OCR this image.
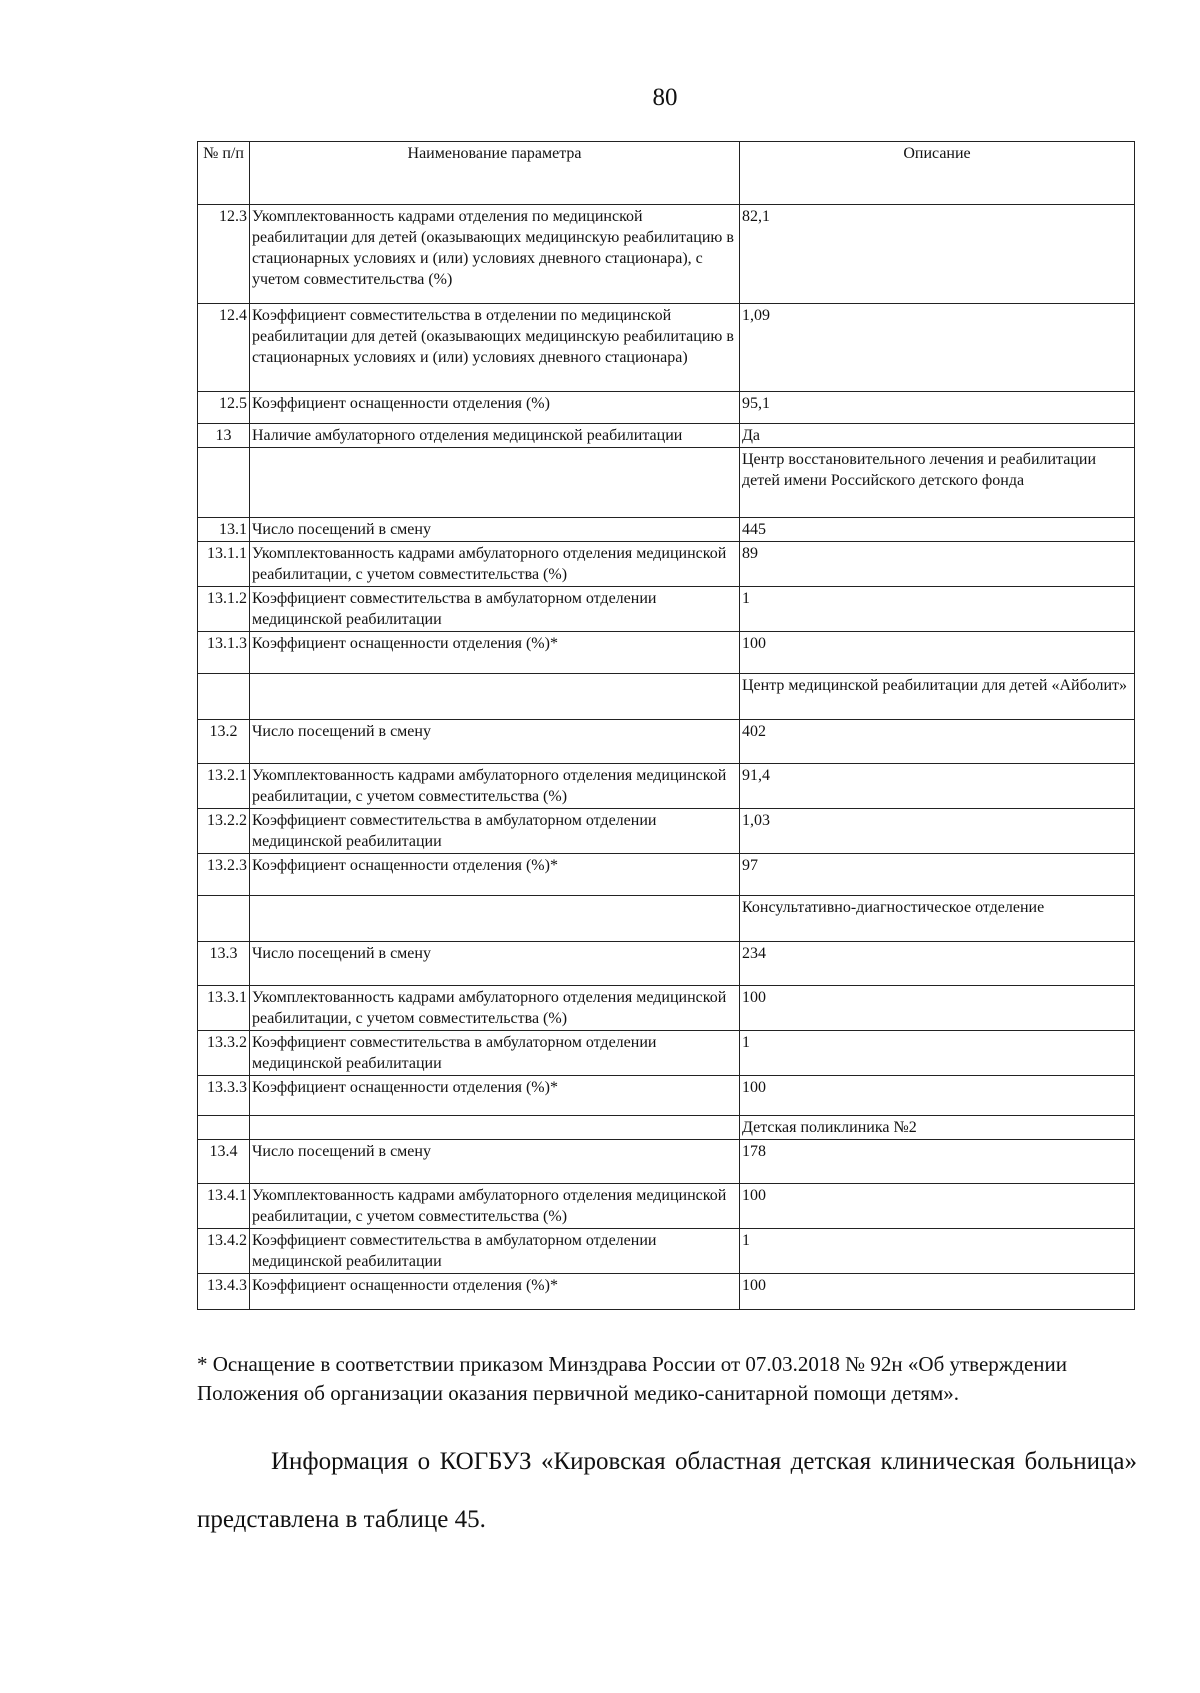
80
№ п/п	Наименование параметра	Описание
12.3	Укомплектованность кадрами отделения по медицинской реабилитации для детей (оказывающих медицинскую реабилитацию в стационарных условиях и (или) условиях дневного стационара), с учетом совместительства (%)	82,1
12.4	Коэффициент совместительства в отделении по медицинской реабилитации для детей (оказывающих медицинскую реабилитацию в стационарных условиях и (или) условиях дневного стационара)	1,09
12.5	Коэффициент оснащенности отделения (%)	95,1
13	Наличие амбулаторного отделения медицинской реабилитации	Да
		Центр восстановительного лечения и реабилитации детей имени Российского детского фонда
13.1	Число посещений в смену	445
13.1.1	Укомплектованность кадрами амбулаторного отделения медицинской реабилитации, с учетом совместительства (%)	89
13.1.2	Коэффициент совместительства в амбулаторном отделении медицинской реабилитации	1
13.1.3	Коэффициент оснащенности отделения (%)*	100
		Центр медицинской реабилитации для детей «Айболит»
13.2	Число посещений в смену	402
13.2.1	Укомплектованность кадрами амбулаторного отделения медицинской реабилитации, с учетом совместительства (%)	91,4
13.2.2	Коэффициент совместительства в амбулаторном отделении медицинской реабилитации	1,03
13.2.3	Коэффициент оснащенности отделения (%)*	97
		Консультативно-диагностическое отделение
13.3	Число посещений в смену	234
13.3.1	Укомплектованность кадрами амбулаторного отделения медицинской реабилитации, с учетом совместительства (%)	100
13.3.2	Коэффициент совместительства в амбулаторном отделении медицинской реабилитации	1
13.3.3	Коэффициент оснащенности отделения (%)*	100
		Детская поликлиника №2
13.4	Число посещений в смену	178
13.4.1	Укомплектованность кадрами амбулаторного отделения медицинской реабилитации, с учетом совместительства (%)	100
13.4.2	Коэффициент совместительства в амбулаторном отделении медицинской реабилитации	1
13.4.3	Коэффициент оснащенности отделения (%)*	100
* Оснащение в соответствии приказом Минздрава России от 07.03.2018 № 92н «Об утверждении Положения об организации оказания первичной медико-санитарной помощи детям».
Информация о КОГБУЗ «Кировская областная детская клиническая больница» представлена в таблице 45.
